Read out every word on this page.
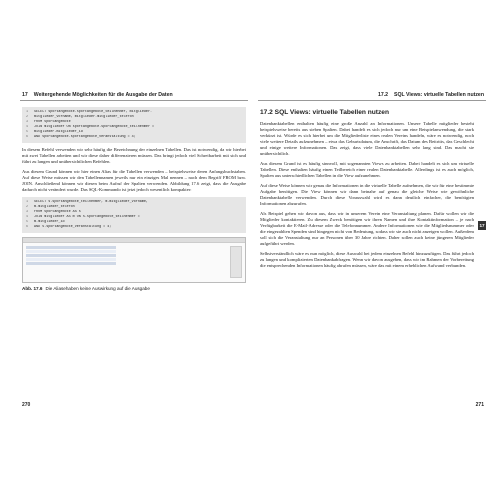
17 Weitergehende Möglichkeiten für die Ausgabe der Daten
1 SELECT sportangebote.sportangebote_teilnehmer, mitglieder.
2 mitglieder_vorname, mitglieder.mitglieder_telefon
3 FROM sportangebote
4 JOIN mitglieder ON sportangebote.sportangebote_teilnehmer =
5 mitglieder.mitglieder_id
6 AND sportangebote.sportangebote_veranstaltung = 4;

In diesem Befehl verwenden wir sehr häufig die Bezeichnung der einzelnen Tabellen. Das ist notwendig, da wir hierbei mit zwei Tabellen arbeiten und wir diese daher differenzieren müssen. Das bringt jedoch viel Schreibarbeit mit sich und führt zu langen und unübersichtlichen Befehlen.

Aus diesem Grund können wir hier einen Alias für die Tabellen verwenden – beispielsweise deren Anfangsbuchstaben. Auf diese Weise müssen wir den Tabellennamen jeweils nur ein einziges Mal nennen – nach dem Begriff FROM bzw. JOIN. Anschließend können wir diesen beim Aufruf der Spalten verwenden. Abbildung 17.6 zeigt, dass die Ausgabe dadurch nicht verändert wurde. Das SQL-Kommando ist jetzt jedoch wesentlich kompakter:

1 SELECT s.sportangebote_teilnehmer, m.mitglieder_vorname,
2 m.mitglieder_telefon
3 FROM sportangebote AS s
4 JOIN mitglieder AS m ON s.sportangebote_teilnehmer =
5 m.mitglieder_id
6 AND s.sportangebote_veranstaltung = 4;
Abb. 17.6 Die Aliasehaben keine Auswirkung auf die Ausgabe
270
17.2 SQL Views: virtuelle Tabellen nutzen
17.2 SQL Views: virtuelle Tabellen nutzen

Datenbanktabellen enthalten häufig eine große Anzahl an Informationen. Unsere Tabelle mitglieder besteht beispielsweise bereits aus sieben Spalten. Dabei handelt es sich jedoch nur um eine Beispielanwendung, die stark verkürzt ist. Würde es sich hierbei um die Mitgliederliste eines realen Vereins handeln, wäre es notwendig, noch viele weitere Details aufzunehmen – etwa das Geburtsdatum, die Anschrift, das Datum des Beitritts, das Geschlecht und einige weitere Informationen. Das zeigt, dass viele Datenbanktabellen sehr lang sind. Das macht sie unübersichtlich.

Aus diesem Grund ist es häufig sinnvoll, mit sogenannten Views zu arbeiten. Dabei handelt es sich um virtuelle Tabellen. Diese enthalten häufig einen Teilbereich einer realen Datenbanktabelle. Allerdings ist es auch möglich, Spalten aus unterschiedlichen Tabellen in die View aufzunehmen.

Auf diese Weise können wir genau die Informationen in die virtuelle Tabelle aufnehmen, die wir für eine bestimmte Aufgabe benötigen. Die View können wir dann beinahe auf genau die gleiche Weise wie gewöhnliche Datenbanktabelle verwenden. Durch diese Vorauswahl wird es dann deutlich einfacher, die benötigten Informationen abzurufen.

Als Beispiel gehen wir davon aus, dass wir in unserem Verein eine Veranstaltung planen. Dafür wollen wir die Mitglieder kontaktieren. Zu diesem Zweck benötigen wir ihren Namen und ihre Kontaktinformation – je nach Verfügbarkeit die E-Mail-Adresse oder die Telefonnummer. Andere Informationen wie die Mitgliedsnummer oder die eingezahlten Spenden sind hingegen nicht von Bedeutung, sodass wir sie auch nicht anzeigen wollen. Außerdem soll sich die Veranstaltung nur an Personen über 30 Jahre richten. Daher sollen auch keine jüngeren Mitglieder aufgeführt werden.

Selbstverständlich wäre es nun möglich, diese Auswahl bei jedem einzelnen Befehl hinzuzufügen. Das führt jedoch zu langen und komplizierten Datenbankabfragen. Wenn wir davon ausgehen, dass wir im Rahmen der Vorbereitung die entsprechenden Informationen häufig abrufen müssen, wäre das mit einem erheblichen Aufwand verbunden.

17
271
